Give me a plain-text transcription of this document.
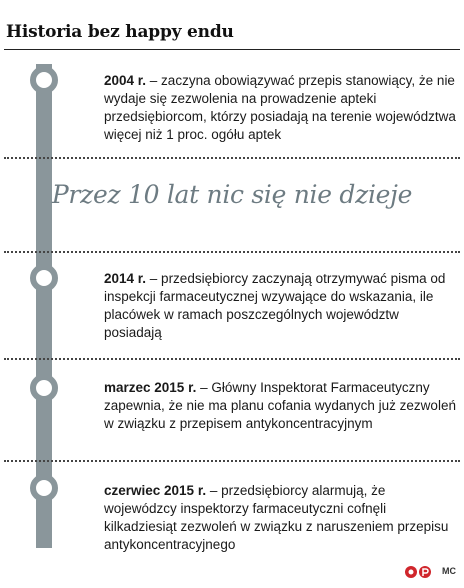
Historia bez happy endu
2004 r. – zaczyna obowiązywać przepis stanowiący, że nie wydaje się zezwolenia na prowadzenie apteki przedsiębiorcom, którzy posiadają na terenie województwa więcej niż 1 proc. ogółu aptek
Przez 10 lat nic się nie dzieje
2014 r. – przedsiębiorcy zaczynają otrzymywać pisma od inspekcji farmaceutycznej wzywające do wskazania, ile placówek w ramach poszczególnych województw posiadają
marzec 2015 r. – Główny Inspektorat Farmaceutyczny zapewnia, że nie ma planu cofania wydanych już zezwoleń w związku z przepisem antykoncentracyjnym
czerwiec 2015 r. – przedsiębiorcy alarmują, że wojewódzcy inspektorzy farmaceutyczni cofnęli kilkadziesiąt zezwoleń w związku z naruszeniem przepisu antykoncentracyjnego
MC
